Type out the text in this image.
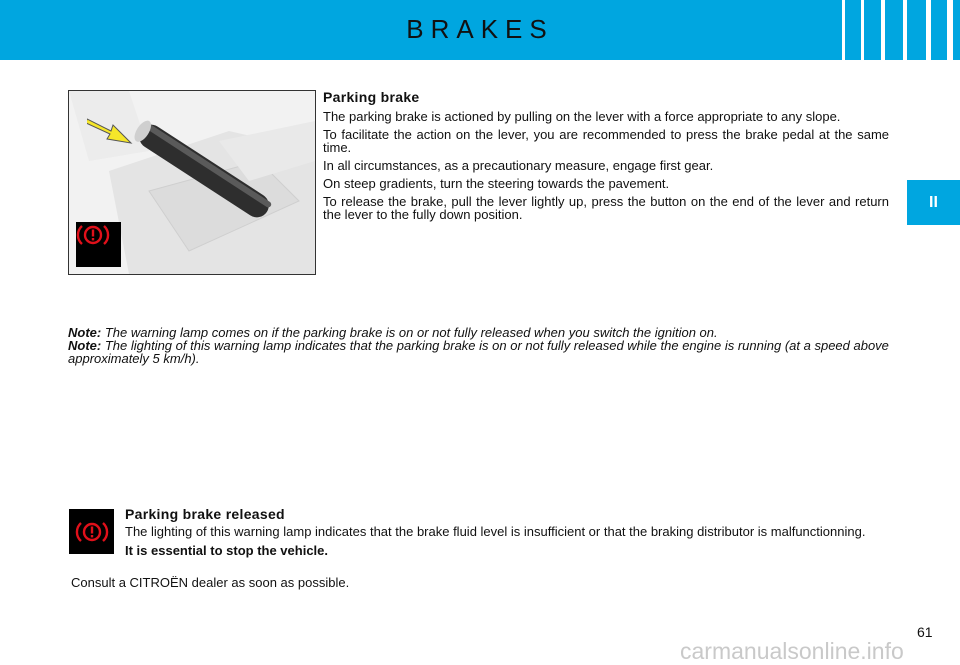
BRAKES
II
Parking brake

The parking brake is actioned by pulling on the lever with a force appropriate to any slope.

To facilitate the action on the lever, you are recommended to press the brake pedal at the same time.

In all circumstances, as a precautionary measure, engage first gear.

On steep gradients, turn the steering towards the pavement.

To release the brake, pull the lever lightly up, press the button on the end of the lever and return the lever to the fully down position.

Note: The warning lamp comes on if the parking brake is on or not fully released when you switch the ignition on.

Note: The lighting of this warning lamp indicates that the parking brake is on or not fully released while the engine is running (at a speed above approximately 5 km/h).

Parking brake released

The lighting of this warning lamp indicates that the brake fluid level is insufficient or that the braking distributor is malfunctionning.

It is essential to stop the vehicle.

Consult a CITROËN dealer as soon as possible.
61
carmanualsonline.info
